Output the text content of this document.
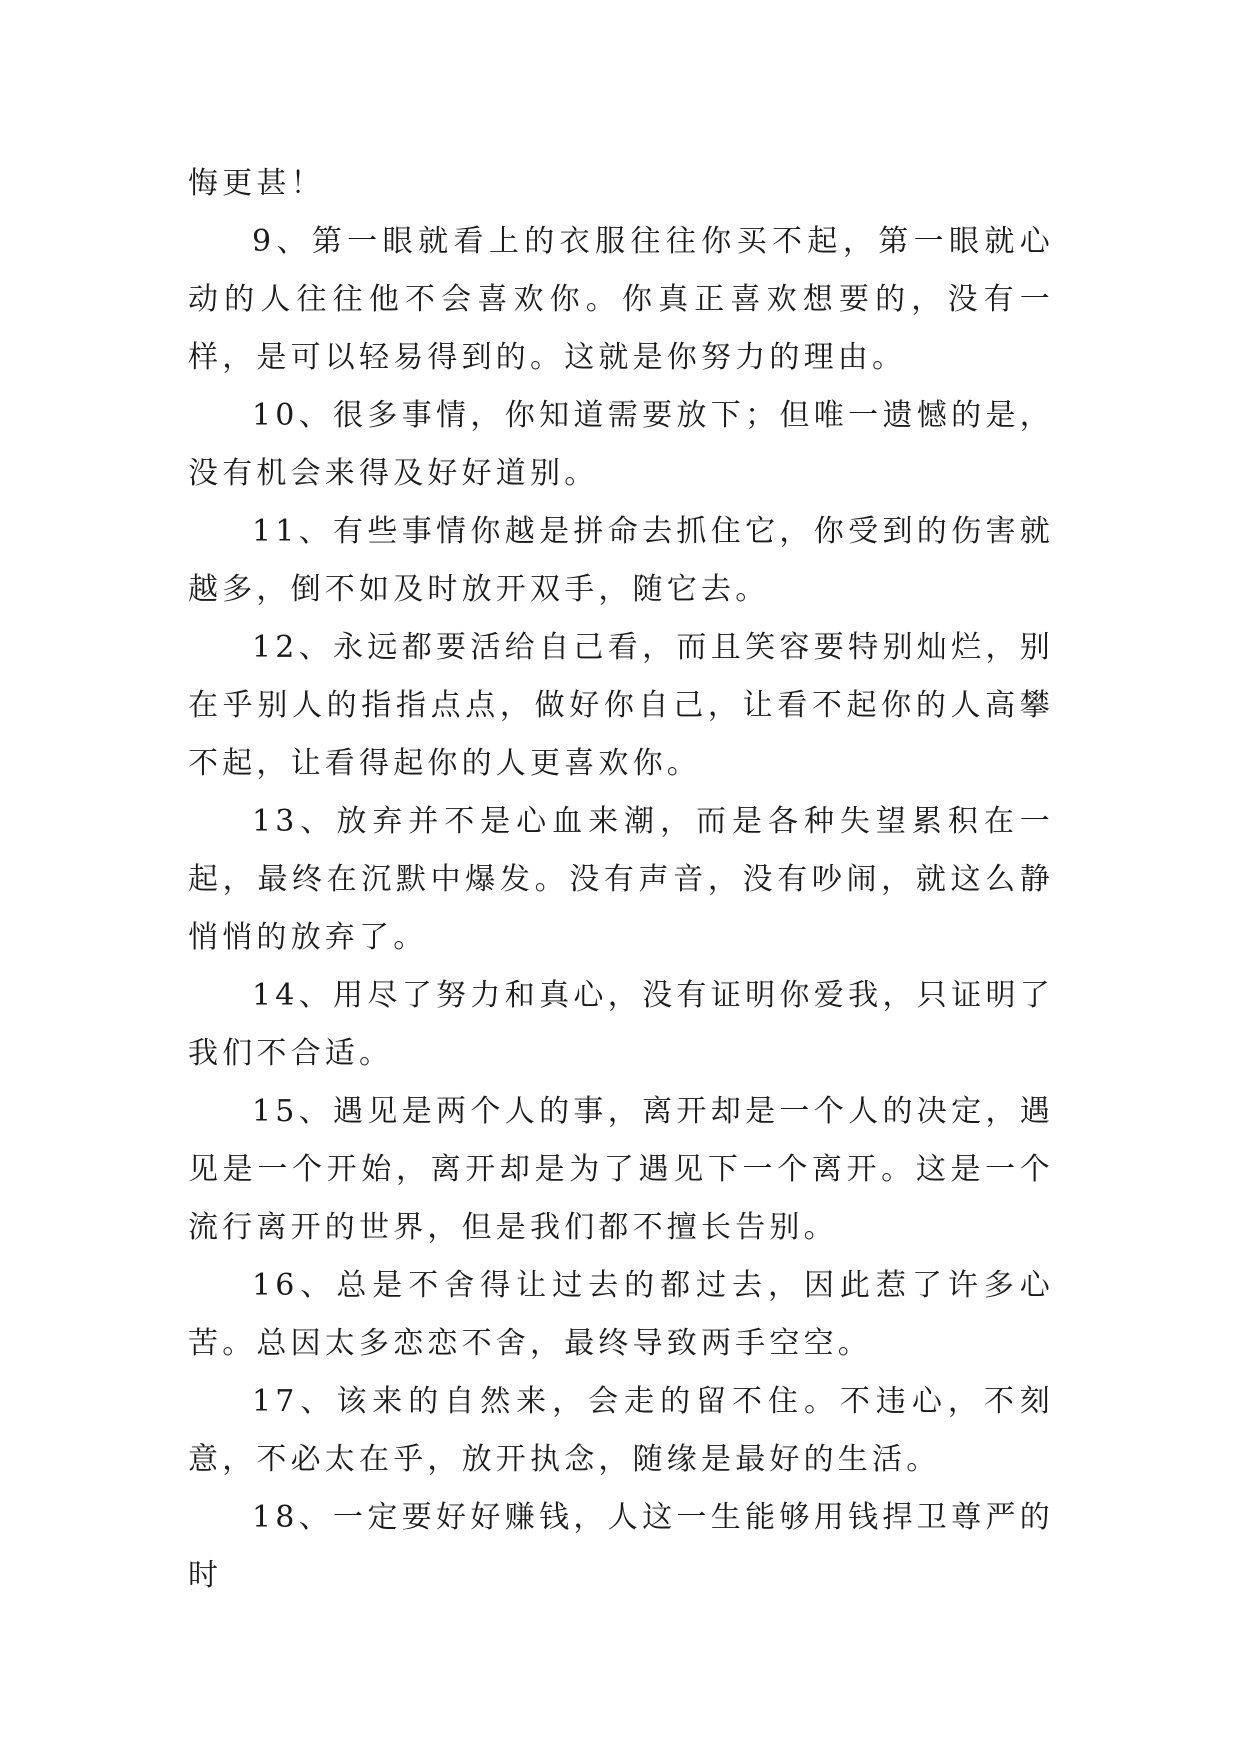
悔更甚！

9、第一眼就看上的衣服往往你买不起，第一眼就心动的人往往他不会喜欢你。你真正喜欢想要的，没有一样，是可以轻易得到的。这就是你努力的理由。

10、很多事情，你知道需要放下；但唯一遗憾的是，没有机会来得及好好道别。

11、有些事情你越是拼命去抓住它，你受到的伤害就越多，倒不如及时放开双手，随它去。

12、永远都要活给自己看，而且笑容要特别灿烂，别在乎别人的指指点点，做好你自己，让看不起你的人高攀不起，让看得起你的人更喜欢你。

13、放弃并不是心血来潮，而是各种失望累积在一起，最终在沉默中爆发。没有声音，没有吵闹，就这么静悄悄的放弃了。

14、用尽了努力和真心，没有证明你爱我，只证明了我们不合适。

15、遇见是两个人的事，离开却是一个人的决定，遇见是一个开始，离开却是为了遇见下一个离开。这是一个流行离开的世界，但是我们都不擅长告别。

16、总是不舍得让过去的都过去，因此惹了许多心苦。总因太多恋恋不舍，最终导致两手空空。

17、该来的自然来，会走的留不住。不违心，不刻意，不必太在乎，放开执念，随缘是最好的生活。

18、一定要好好赚钱，人这一生能够用钱捍卫尊严的时
